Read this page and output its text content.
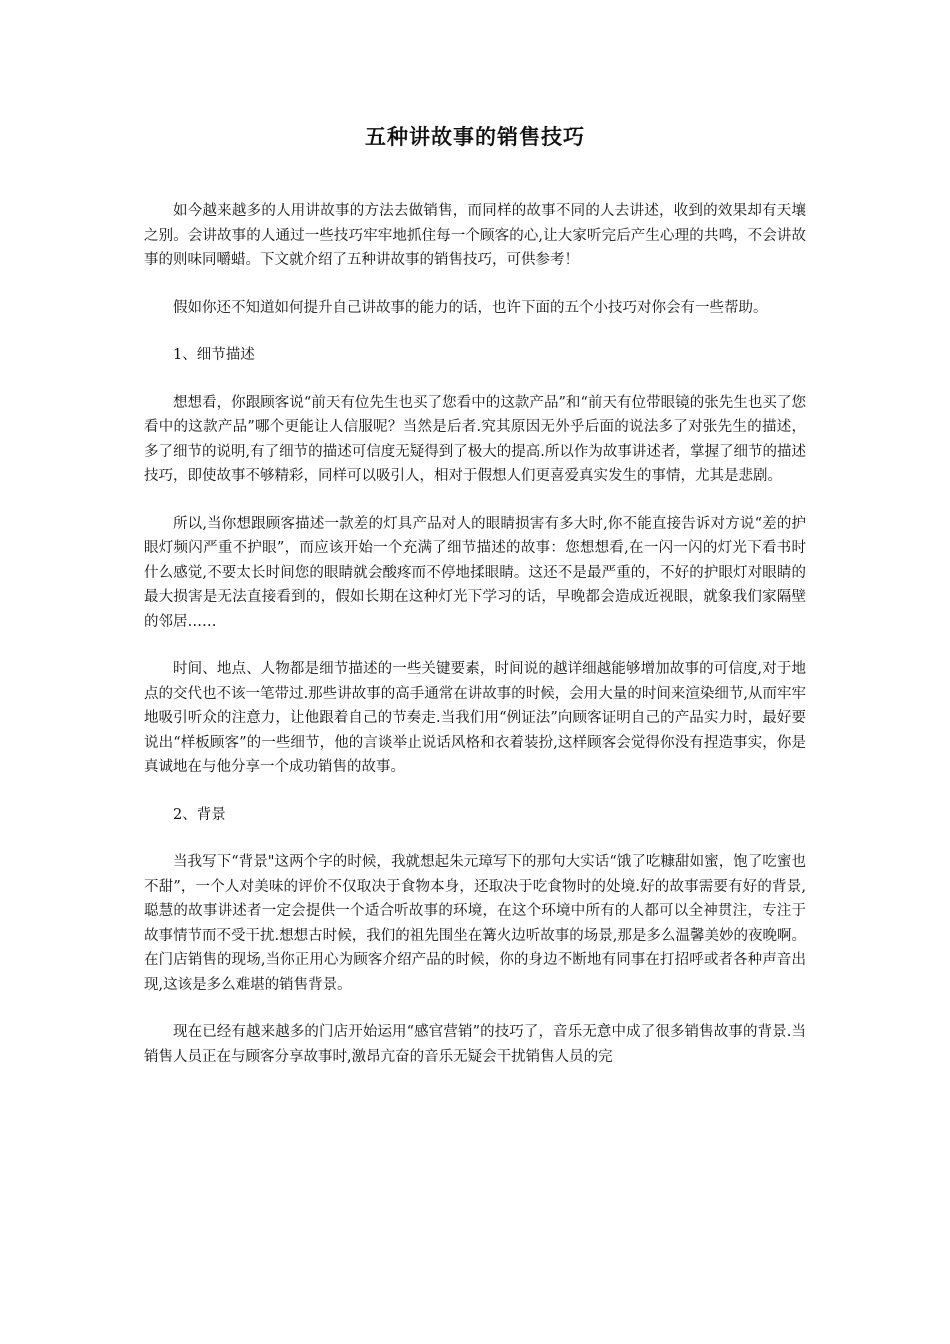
五种讲故事的销售技巧

如今越来越多的人用讲故事的方法去做销售，而同样的故事不同的人去讲述，收到的效果却有天壤之别。会讲故事的人通过一些技巧牢牢地抓住每一个顾客的心,让大家听完后产生心理的共鸣，不会讲故事的则味同嚼蜡。下文就介绍了五种讲故事的销售技巧，可供参考！

假如你还不知道如何提升自己讲故事的能力的话，也许下面的五个小技巧对你会有一些帮助。

1、细节描述

想想看，你跟顾客说“前天有位先生也买了您看中的这款产品”和“前天有位带眼镜的张先生也买了您看中的这款产品”哪个更能让人信服呢？当然是后者.究其原因无外乎后面的说法多了对张先生的描述，多了细节的说明,有了细节的描述可信度无疑得到了极大的提高.所以作为故事讲述者，掌握了细节的描述技巧，即使故事不够精彩，同样可以吸引人，相对于假想人们更喜爱真实发生的事情，尤其是悲剧。

所以,当你想跟顾客描述一款差的灯具产品对人的眼睛损害有多大时,你不能直接告诉对方说“差的护眼灯频闪严重不护眼”，而应该开始一个充满了细节描述的故事：您想想看,在一闪一闪的灯光下看书时什么感觉,不要太长时间您的眼睛就会酸疼而不停地揉眼睛。这还不是最严重的，不好的护眼灯对眼睛的最大损害是无法直接看到的，假如长期在这种灯光下学习的话，早晚都会造成近视眼，就象我们家隔壁的邻居……

时间、地点、人物都是细节描述的一些关键要素，时间说的越详细越能够增加故事的可信度,对于地点的交代也不该一笔带过.那些讲故事的高手通常在讲故事的时候，会用大量的时间来渲染细节,从而牢牢地吸引听众的注意力，让他跟着自己的节奏走.当我们用“例证法”向顾客证明自己的产品实力时，最好要说出“样板顾客”的一些细节，他的言谈举止说话风格和衣着装扮,这样顾客会觉得你没有捏造事实，你是真诚地在与他分享一个成功销售的故事。

2、背景

当我写下“背景"这两个字的时候，我就想起朱元璋写下的那句大实话“饿了吃糠甜如蜜，饱了吃蜜也不甜”，一个人对美味的评价不仅取决于食物本身，还取决于吃食物时的处境.好的故事需要有好的背景,聪慧的故事讲述者一定会提供一个适合听故事的环境，在这个环境中所有的人都可以全神贯注，专注于故事情节而不受干扰.想想古时候，我们的祖先围坐在篝火边听故事的场景,那是多么温馨美妙的夜晚啊。在门店销售的现场,当你正用心为顾客介绍产品的时候，你的身边不断地有同事在打招呼或者各种声音出现,这该是多么难堪的销售背景。

现在已经有越来越多的门店开始运用“感官营销”的技巧了，音乐无意中成了很多销售故事的背景.当销售人员正在与顾客分享故事时,激昂亢奋的音乐无疑会干扰销售人员的完
